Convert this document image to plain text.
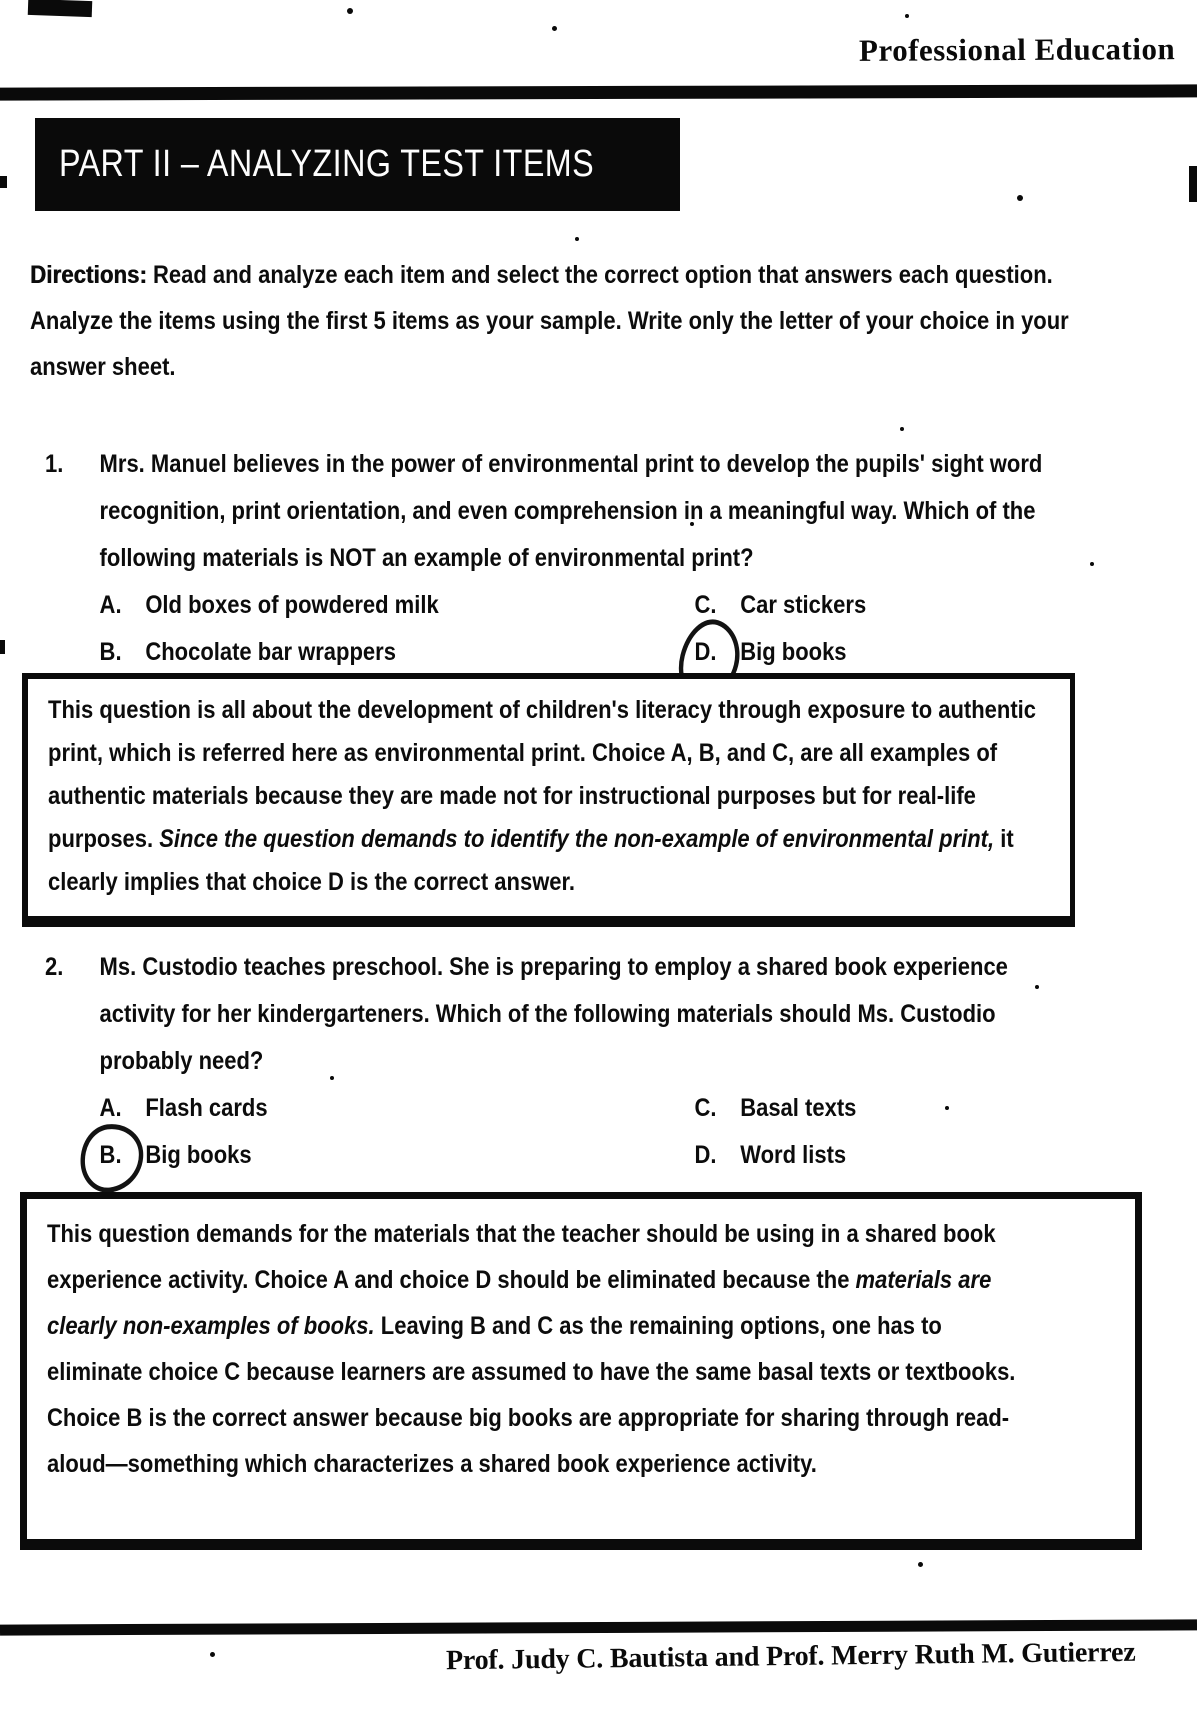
Professional Education
PART II – ANALYZING TEST ITEMS
Directions: Read and analyze each item and select the correct option that answers each question. Analyze the items using the first 5 items as your sample. Write only the letter of your choice in your answer sheet.
1.	Mrs. Manuel believes in the power of environmental print to develop the pupils' sight word recognition, print orientation, and even comprehension in a meaningful way. Which of the following materials is NOT an example of environmental print?
A. Old boxes of powdered milk
B. Chocolate bar wrappers
C. Car stickers
D. Big books
This question is all about the development of children's literacy through exposure to authentic print, which is referred here as environmental print. Choice A, B, and C, are all examples of authentic materials because they are made not for instructional purposes but for real-life purposes. Since the question demands to identify the non-example of environmental print, it clearly implies that choice D is the correct answer.
2.	Ms. Custodio teaches preschool. She is preparing to employ a shared book experience activity for her kindergarteners. Which of the following materials should Ms. Custodio probably need?
A. Flash cards
B. Big books
C. Basal texts
D. Word lists
This question demands for the materials that the teacher should be using in a shared book experience activity. Choice A and choice D should be eliminated because the materials are clearly non-examples of books. Leaving B and C as the remaining options, one has to eliminate choice C because learners are assumed to have the same basal texts or textbooks. Choice B is the correct answer because big books are appropriate for sharing through read-aloud—something which characterizes a shared book experience activity.
Prof. Judy C. Bautista and Prof. Merry Ruth M. Gutierrez
